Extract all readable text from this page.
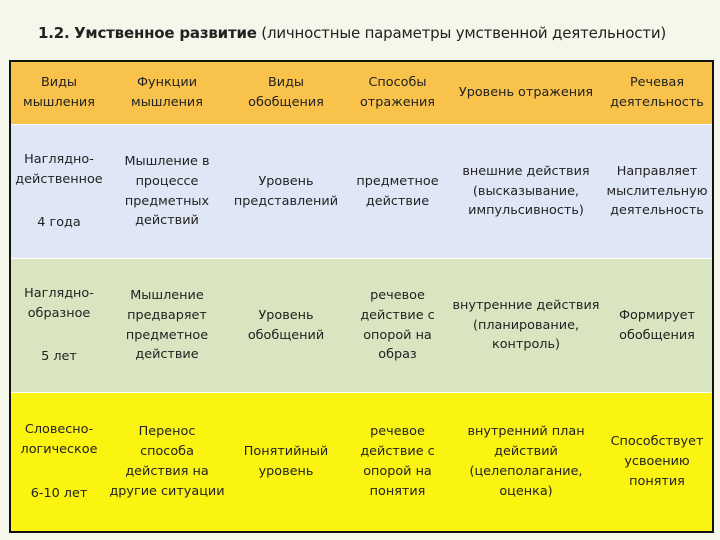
1.2. Умственное развитие (личностные параметры умственной деятельности)
Виды
мышления	Функции
мышления	Виды
обобщения	Способы
отражения	Уровень отражения	Речевая
деятельность

Наглядно-
действенное
4 года	Мышление в
процессе
предметных
действий	Уровень
представлений	предметное
действие	внешние действия
(высказывание,
импульсивность)	Направляет
мыслительную
деятельность

Наглядно-
образное
5 лет	Мышление
предваряет
предметное
действие	Уровень
обобщений	речевое
действие с
опорой на
образ	внутренние действия
(планирование,
контроль)	Формирует
обобщения

Словесно-
логическое
6-10 лет	Перенос
способа
действия на
другие ситуации	Понятийный
уровень	речевое
действие с
опорой на
понятия	внутренний план
действий
(целеполагание,
оценка)	Способствует
усвоению
понятия
